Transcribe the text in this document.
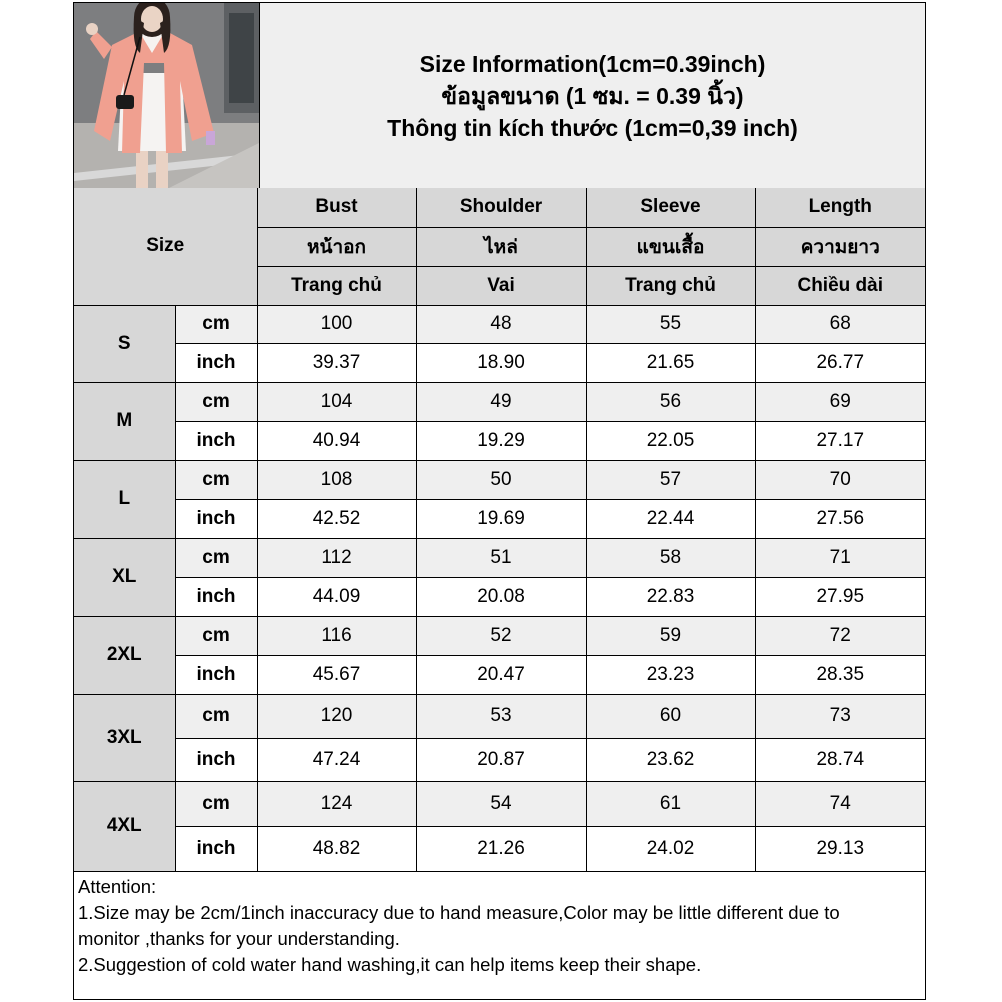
Size Information(1cm=0.39inch)
ข้อมูลขนาด (1 ซม. = 0.39 นิ้ว)
Thông tin kích thước (1cm=0,39 inch)
Size		Bust	Shoulder	Sleeve	Length
		หน้าอก	ไหล่	แขนเสื้อ	ความยาว
		Trang chủ	Vai	Trang chủ	Chiều dài
S	cm	100	48	55	68
	inch	39.37	18.90	21.65	26.77
M	cm	104	49	56	69
	inch	40.94	19.29	22.05	27.17
L	cm	108	50	57	70
	inch	42.52	19.69	22.44	27.56
XL	cm	112	51	58	71
	inch	44.09	20.08	22.83	27.95
2XL	cm	116	52	59	72
	inch	45.67	20.47	23.23	28.35
3XL	cm	120	53	60	73
	inch	47.24	20.87	23.62	28.74
4XL	cm	124	54	61	74
	inch	48.82	21.26	24.02	29.13
Attention:
1.Size may be 2cm/1inch inaccuracy due to hand measure,Color may be little different due to
monitor ,thanks for your understanding.
2.Suggestion of cold water hand washing,it can help items keep their shape.
